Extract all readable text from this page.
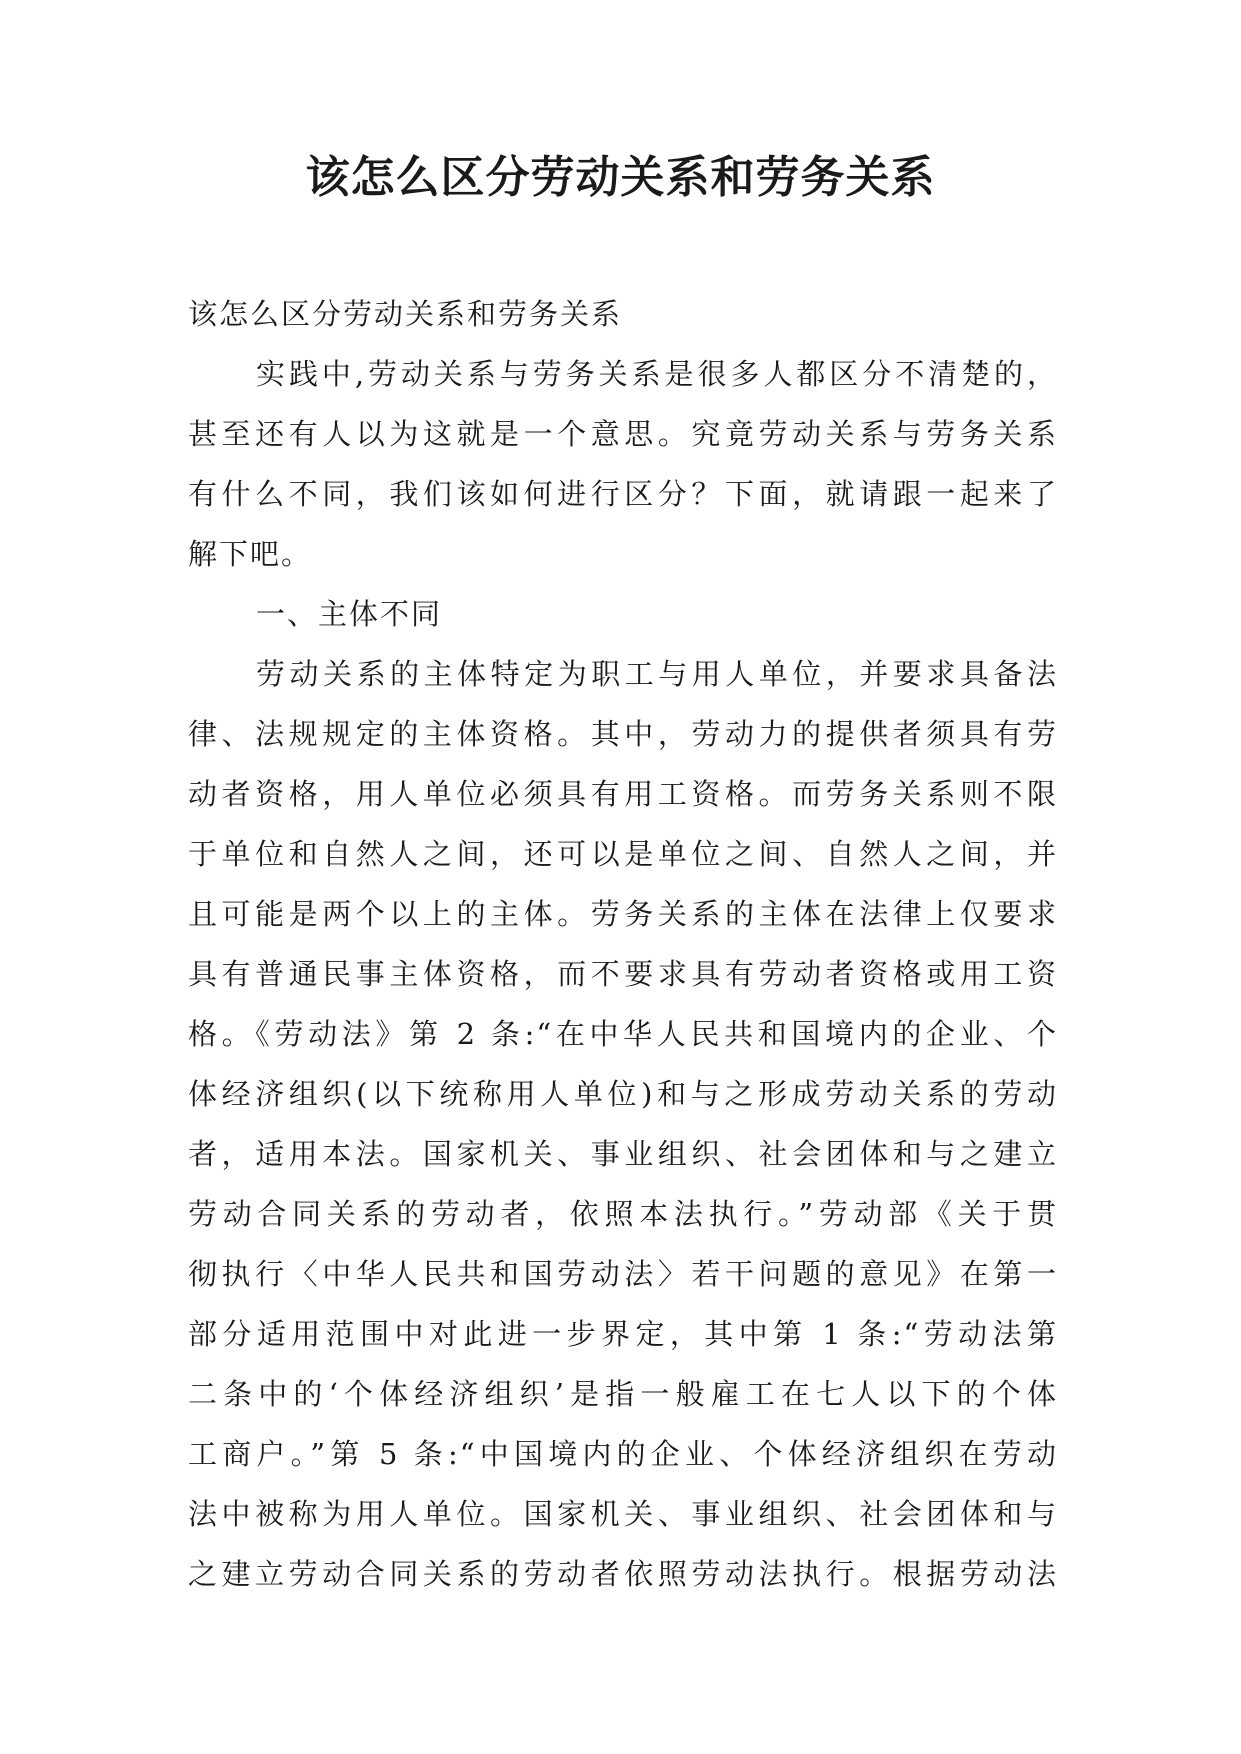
该怎么区分劳动关系和劳务关系
该怎么区分劳动关系和劳务关系
实践中,劳动关系与劳务关系是很多人都区分不清楚的，
甚至还有人以为这就是一个意思。究竟劳动关系与劳务关系
有什么不同，我们该如何进行区分？下面，就请跟一起来了
解下吧。
一、主体不同
劳动关系的主体特定为职工与用人单位，并要求具备法
律、法规规定的主体资格。其中，劳动力的提供者须具有劳
动者资格，用人单位必须具有用工资格。而劳务关系则不限
于单位和自然人之间，还可以是单位之间、自然人之间，并
且可能是两个以上的主体。劳务关系的主体在法律上仅要求
具有普通民事主体资格，而不要求具有劳动者资格或用工资
格。《劳动法》第 2 条:“在中华人民共和国境内的企业、个
体经济组织(以下统称用人单位)和与之形成劳动关系的劳动
者，适用本法。国家机关、事业组织、社会团体和与之建立
劳动合同关系的劳动者，依照本法执行。”劳动部《关于贯
彻执行〈中华人民共和国劳动法〉若干问题的意见》在第一
部分适用范围中对此进一步界定，其中第 1 条:“劳动法第
二条中的‘个体经济组织’是指一般雇工在七人以下的个体
工商户。”第 5 条:“中国境内的企业、个体经济组织在劳动
法中被称为用人单位。国家机关、事业组织、社会团体和与
之建立劳动合同关系的劳动者依照劳动法执行。根据劳动法
